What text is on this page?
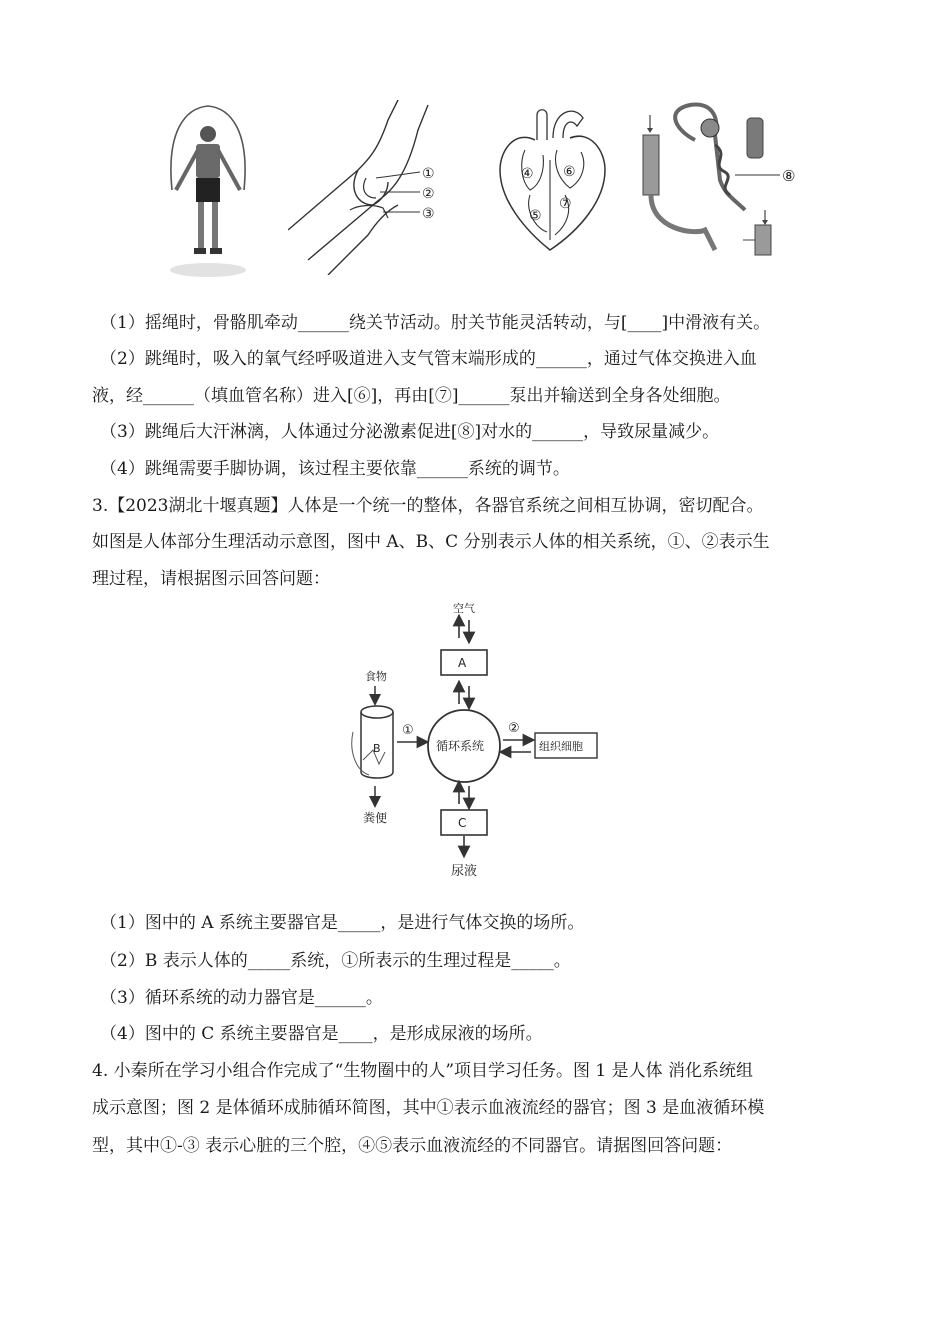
①
②
③
④ ⑥
⑤
⑦
⑧
（1）摇绳时，骨骼肌牵动______绕关节活动。肘关节能灵活转动，与[____]中滑液有关。
（2）跳绳时，吸入的氧气经呼吸道进入支气管末端形成的______，通过气体交换进入血
液，经______（填血管名称）进入[⑥]，再由[⑦]______泵出并输送到全身各处细胞。
（3）跳绳后大汗淋漓，人体通过分泌激素促进[⑧]对水的______，导致尿量减少。
（4）跳绳需要手脚协调，该过程主要依靠______系统的调节。
3.【2023湖北十堰真题】人体是一个统一的整体，各器官系统之间相互协调，密切配合。
如图是人体部分生理活动示意图，图中 A、B、C 分别表示人体的相关系统，①、②表示生
理过程，请根据图示回答问题：
空气
A
食物
B
粪便
①
循环系统
②
组织细胞
C
尿液
（1）图中的 A 系统主要器官是_____，是进行气体交换的场所。
（2）B 表示人体的_____系统，①所表示的生理过程是_____。
（3）循环系统的动力器官是______。
（4）图中的 C 系统主要器官是____，是形成尿液的场所。
4. 小秦所在学习小组合作完成了“生物圈中的人”项目学习任务。图 1 是人体 消化系统组
成示意图；图 2 是体循环成肺循环简图，其中①表示血液流经的器官；图 3 是血液循环模
型，其中①-③ 表示心脏的三个腔，④⑤表示血液流经的不同器官。请据图回答问题：
